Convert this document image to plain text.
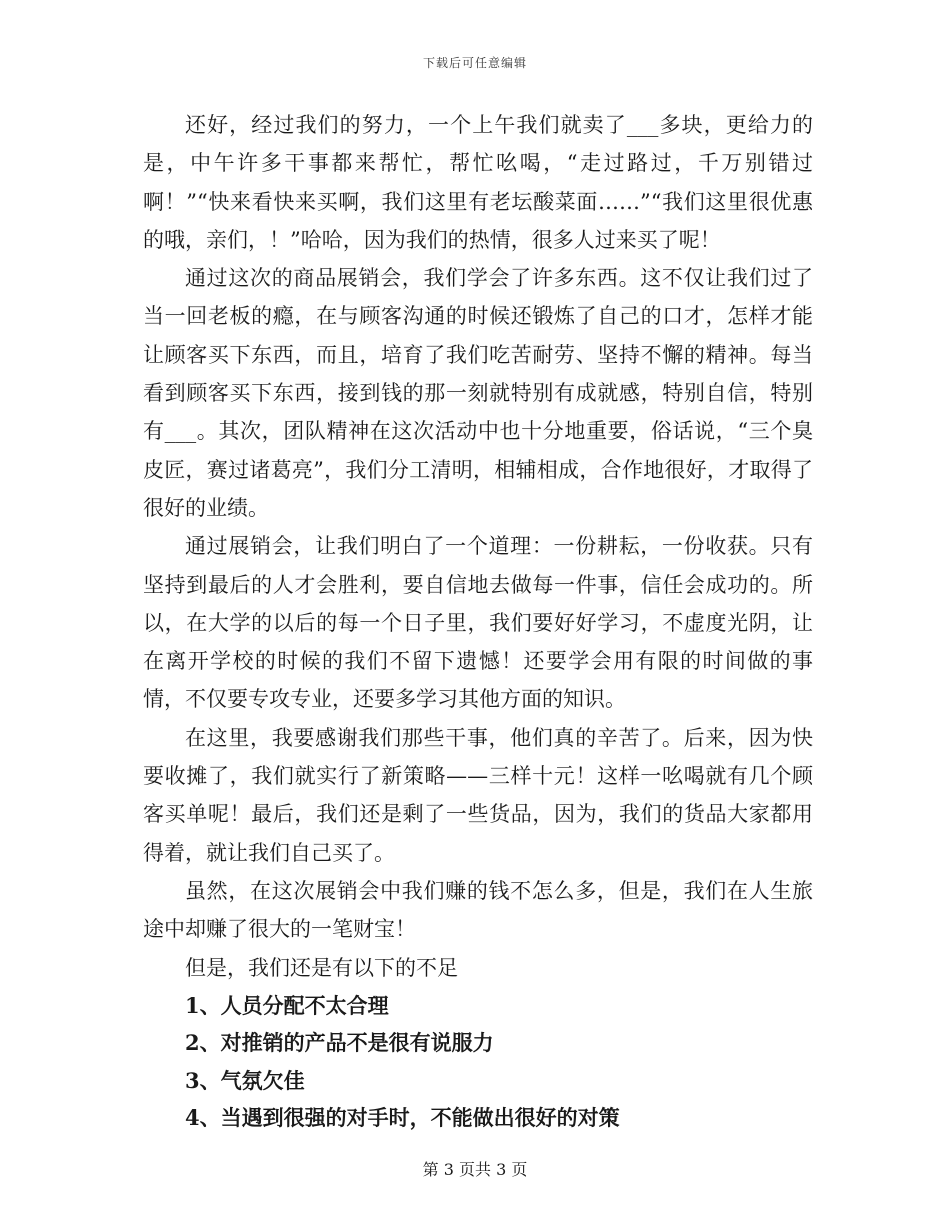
下载后可任意编辑

还好，经过我们的努力，一个上午我们就卖了___多块，更给力的是，中午许多干事都来帮忙，帮忙吆喝，“走过路过，千万别错过啊！”“快来看快来买啊，我们这里有老坛酸菜面……”“我们这里很优惠的哦，亲们，！”哈哈，因为我们的热情，很多人过来买了呢！

通过这次的商品展销会，我们学会了许多东西。这不仅让我们过了当一回老板的瘾，在与顾客沟通的时候还锻炼了自己的口才，怎样才能让顾客买下东西，而且，培育了我们吃苦耐劳、坚持不懈的精神。每当看到顾客买下东西，接到钱的那一刻就特别有成就感，特别自信，特别有___。其次，团队精神在这次活动中也十分地重要，俗话说，“三个臭皮匠，赛过诸葛亮”，我们分工清明，相辅相成，合作地很好，才取得了很好的业绩。

通过展销会，让我们明白了一个道理：一份耕耘，一份收获。只有坚持到最后的人才会胜利，要自信地去做每一件事，信任会成功的。所以，在大学的以后的每一个日子里，我们要好好学习，不虚度光阴，让在离开学校的时候的我们不留下遗憾！还要学会用有限的时间做的事情，不仅要专攻专业，还要多学习其他方面的知识。

在这里，我要感谢我们那些干事，他们真的辛苦了。后来，因为快要收摊了，我们就实行了新策略——三样十元！这样一吆喝就有几个顾客买单呢！最后，我们还是剩了一些货品，因为，我们的货品大家都用得着，就让我们自己买了。

虽然，在这次展销会中我们赚的钱不怎么多，但是，我们在人生旅途中却赚了很大的一笔财宝！

但是，我们还是有以下的不足

1、人员分配不太合理
2、对推销的产品不是很有说服力
3、气氛欠佳
4、当遇到很强的对手时，不能做出很好的对策
第 3 页共 3 页
